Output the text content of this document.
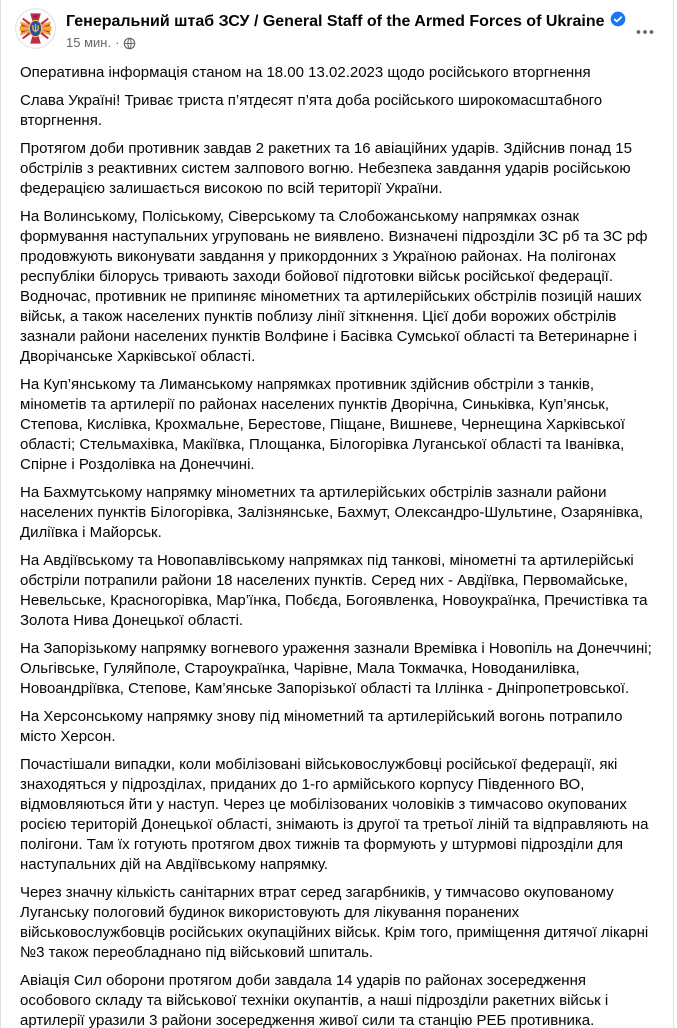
Генеральний штаб ЗСУ / General Staff of the Armed Forces of Ukraine
15 мин. ·

Оперативна інформація станом на 18.00 13.02.2023 щодо російського вторгнення

Слава Україні! Триває триста п’ятдесят п’ята доба російського широкомасштабного вторгнення.

Протягом доби противник завдав 2 ракетних та 16 авіаційних ударів. Здійснив понад 15 обстрілів з реактивних систем залпового вогню. Небезпека завдання ударів російською федерацією залишається високою по всій території України.

На Волинському, Поліському, Сіверському та Слобожанському напрямках ознак формування наступальних угруповань не виявлено. Визначені підрозділи ЗС рб та ЗС рф продовжують виконувати завдання у прикордонних з Україною районах. На полігонах республіки білорусь тривають заходи бойової підготовки військ російської федерації. Водночас, противник не припиняє мінометних та артилерійських обстрілів позицій наших військ, а також населених пунктів поблизу лінії зіткнення. Цієї доби ворожих обстрілів зазнали райони населених пунктів Волфине і Басівка Сумської області та Ветеринарне і Дворічанське Харківської області.

На Куп’янському та Лиманському напрямках противник здійснив обстріли з танків, мінометів та артилерії по районах населених пунктів Дворічна, Синьківка, Куп’янськ, Степова, Кислівка, Крохмальне, Берестове, Піщане, Вишневе, Чернещина Харківської області; Стельмахівка, Макіївка, Площанка, Білогорівка Луганської області та Іванівка, Спірне і Роздолівка на Донеччині.

На Бахмутському напрямку мінометних та артилерійських обстрілів зазнали райони населених пунктів Білогорівка, Залізнянське, Бахмут, Олександро-Шультине, Озарянівка, Диліївка і Майорськ.

На Авдіївському та Новопавлівському напрямках під танкові, мінометні та артилерійські обстріли потрапили райони 18 населених пунктів. Серед них - Авдіївка, Первомайське, Невельське, Красногорівка, Мар’їнка, Побєда, Богоявленка, Новоукраїнка, Пречистівка та Золота Нива Донецької області.

На Запорізькому напрямку вогневого ураження зазнали Времівка і Новопіль на Донеччині; Ольгівське, Гуляйполе, Староукраїнка, Чарівне, Мала Токмачка, Новоданилівка, Новоандріївка, Степове, Кам’янське Запорізької області та Іллінка - Дніпропетровської.

На Херсонському напрямку знову під мінометний та артилерійський вогонь потрапило місто Херсон.

Почастішали випадки, коли мобілізовані військовослужбовці російської федерації, які знаходяться у підрозділах, приданих до 1-го армійського корпусу Південного ВО, відмовляються йти у наступ. Через це мобілізованих чоловіків з тимчасово окупованих росією територій Донецької області, знімають із другої та третьої ліній та відправляють на полігони. Там їх готують протягом двох тижнів та формують у штурмові підрозділи для наступальних дій на Авдіївському напрямку.

Через значну кількість санітарних втрат серед загарбників, у тимчасово окупованому Луганську пологовий будинок використовують для лікування поранених військовослужбовців російських окупаційних військ. Крім того, приміщення дитячої лікарні №3 також переобладнано під військовий шпиталь.

Авіація Сил оборони протягом доби завдала 14 ударів по районах зосередження особового складу та військової техніки окупантів, а наші підрозділи ракетних військ і артилерії уразили 3 райони зосередження живої сили та станцію РЕБ противника.
